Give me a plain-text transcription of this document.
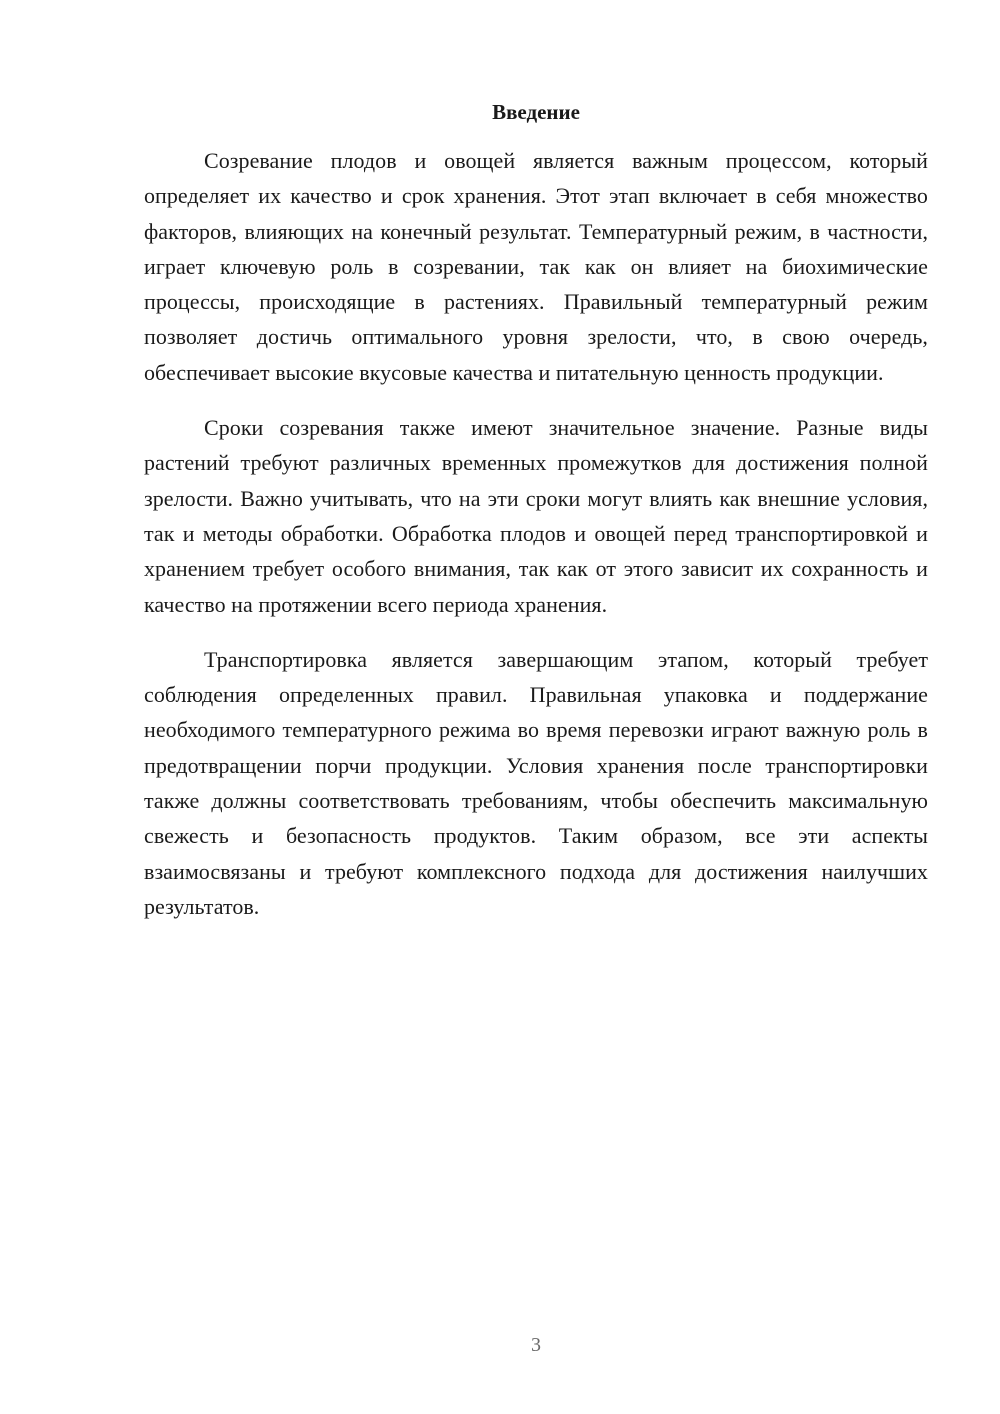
Введение

Созревание плодов и овощей является важным процессом, который определяет их качество и срок хранения. Этот этап включает в себя множество факторов, влияющих на конечный результат. Температурный режим, в частности, играет ключевую роль в созревании, так как он влияет на биохимические процессы, происходящие в растениях. Правильный температурный режим позволяет достичь оптимального уровня зрелости, что, в свою очередь, обеспечивает высокие вкусовые качества и питательную ценность продукции.

Сроки созревания также имеют значительное значение. Разные виды растений требуют различных временных промежутков для достижения полной зрелости. Важно учитывать, что на эти сроки могут влиять как внешние условия, так и методы обработки. Обработка плодов и овощей перед транспортировкой и хранением требует особого внимания, так как от этого зависит их сохранность и качество на протяжении всего периода хранения.

Транспортировка является завершающим этапом, который требует соблюдения определенных правил. Правильная упаковка и поддержание необходимого температурного режима во время перевозки играют важную роль в предотвращении порчи продукции. Условия хранения после транспортировки также должны соответствовать требованиям, чтобы обеспечить максимальную свежесть и безопасность продуктов. Таким образом, все эти аспекты взаимосвязаны и требуют комплексного подхода для достижения наилучших результатов.

3
